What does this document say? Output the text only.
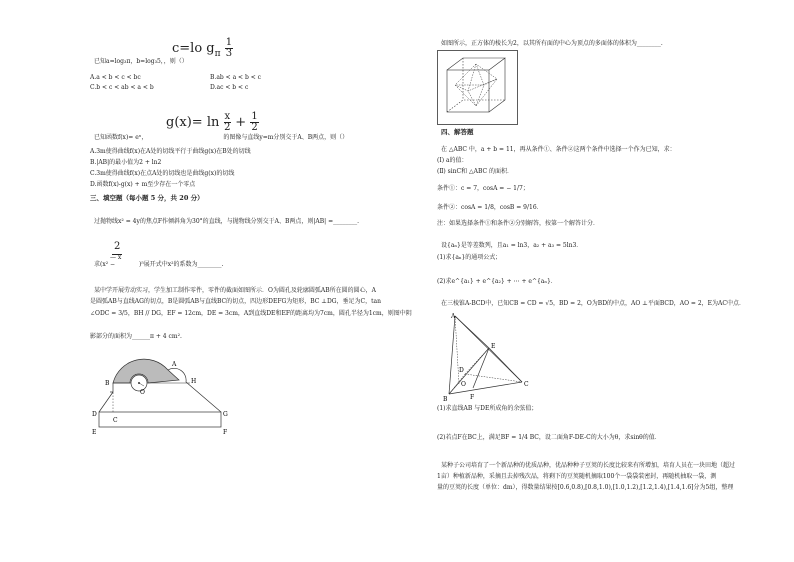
c=lo $g_\pi \frac{1}{3}$
已知a=log₃π，b=log₃5，，则（）
A.a < b < c < bc	B.ab < a < b < c
C.b < c < ab < a < b	D.ac < b < c
$g(x)= \ln \frac{x}{2} + \frac{1}{2}$
已知函数f(x)= eˣ，	的图像与直线y=m分别交于A、B两点，则（）
A.3m使得曲线f(x)在A处的切线平行于曲线g(x)在B处的切线
B.|AB|的最小值为2 + ln2
C.3m使得曲线f(x)在点A处的切线也是曲线g(x)的切线
D.函数f(x)-g(x) + m至少存在一个零点
三、填空题（每小题 5 分，共 20 分）
过抛物线x² = 4y的焦点F作倾斜角为30°的直线，与抛物线分别交于A、B两点，则|AB| =________.
2
— x
求(x² −	)⁵展开式中x²的系数为________.
某中学开展劳动实习，学生加工制作零件，零件的截面如图所示．O为圆孔及轮廓圆弧AB所在圆的圆心，A
是圆弧AB与直线AG的切点，B是圆弧AB与直线BC的切点，四边形DEFG为矩形，BC ⊥DG，垂足为C，tan
∠ODC = 3/5，BH // DG，EF = 12cm，DE = 3cm，A到直线DE和EF的距离均为7cm，圆孔半径为1cm，则图中阴
影部分的面积为______π + 4 cm².
A
B	H
O
D
C
G
E	F
如图所示，正方体的棱长为2，以其所有面的中心为顶点的多面体的体积为________.
四、解答题
在 △ABC 中，a + b = 11，再从条件①、条件②这两个条件中选择一个作为已知，求：
(Ⅰ) a的值：
(Ⅱ) sinC和 △ABC 的面积．
条件①：c = 7，cosA = − 1/7；
条件②：cosA = 1/8，cosB = 9/16．
注：如果选择条件①和条件②分别解答，按第一个解答计分．
设{aₙ}是等差数列，且a₁ = ln3，a₂ + a₃ = 5ln3．
(1)求{aₙ}的通项公式；
(2)求e^{a₁} + e^{a₂} + ⋯ + e^{aₙ}．
在三棱锥A-BCD中，已知CB = CD = √5，BD = 2，O为BD的中点，AO ⊥平面BCD，AO = 2，E为AC中点．
A
B
C
D
E
F
O
(1)求直线AB 与DE所成角的余弦值；
(2)若点F在BC上，满足BF = 1/4 BC，设二面角F-DE-C的大小为θ，求sinθ的值．
某种子公司培育了一个新品种的优质品种，优品种种子豆荚的长度比较来有所增加，培育人员在一块田地（超过
1亩）种植新品种，采摘且去掉残次品，将剩下的豆荚随机摘取100个一袋袋装密封，再随机抽取一袋，测
量的豆荚的长度（单位：dm），得数量结果按[0.6,0.8),[0.8,1.0),[1.0,1.2),[1.2,1.4),[1.4,1.6]分为5组，整理
